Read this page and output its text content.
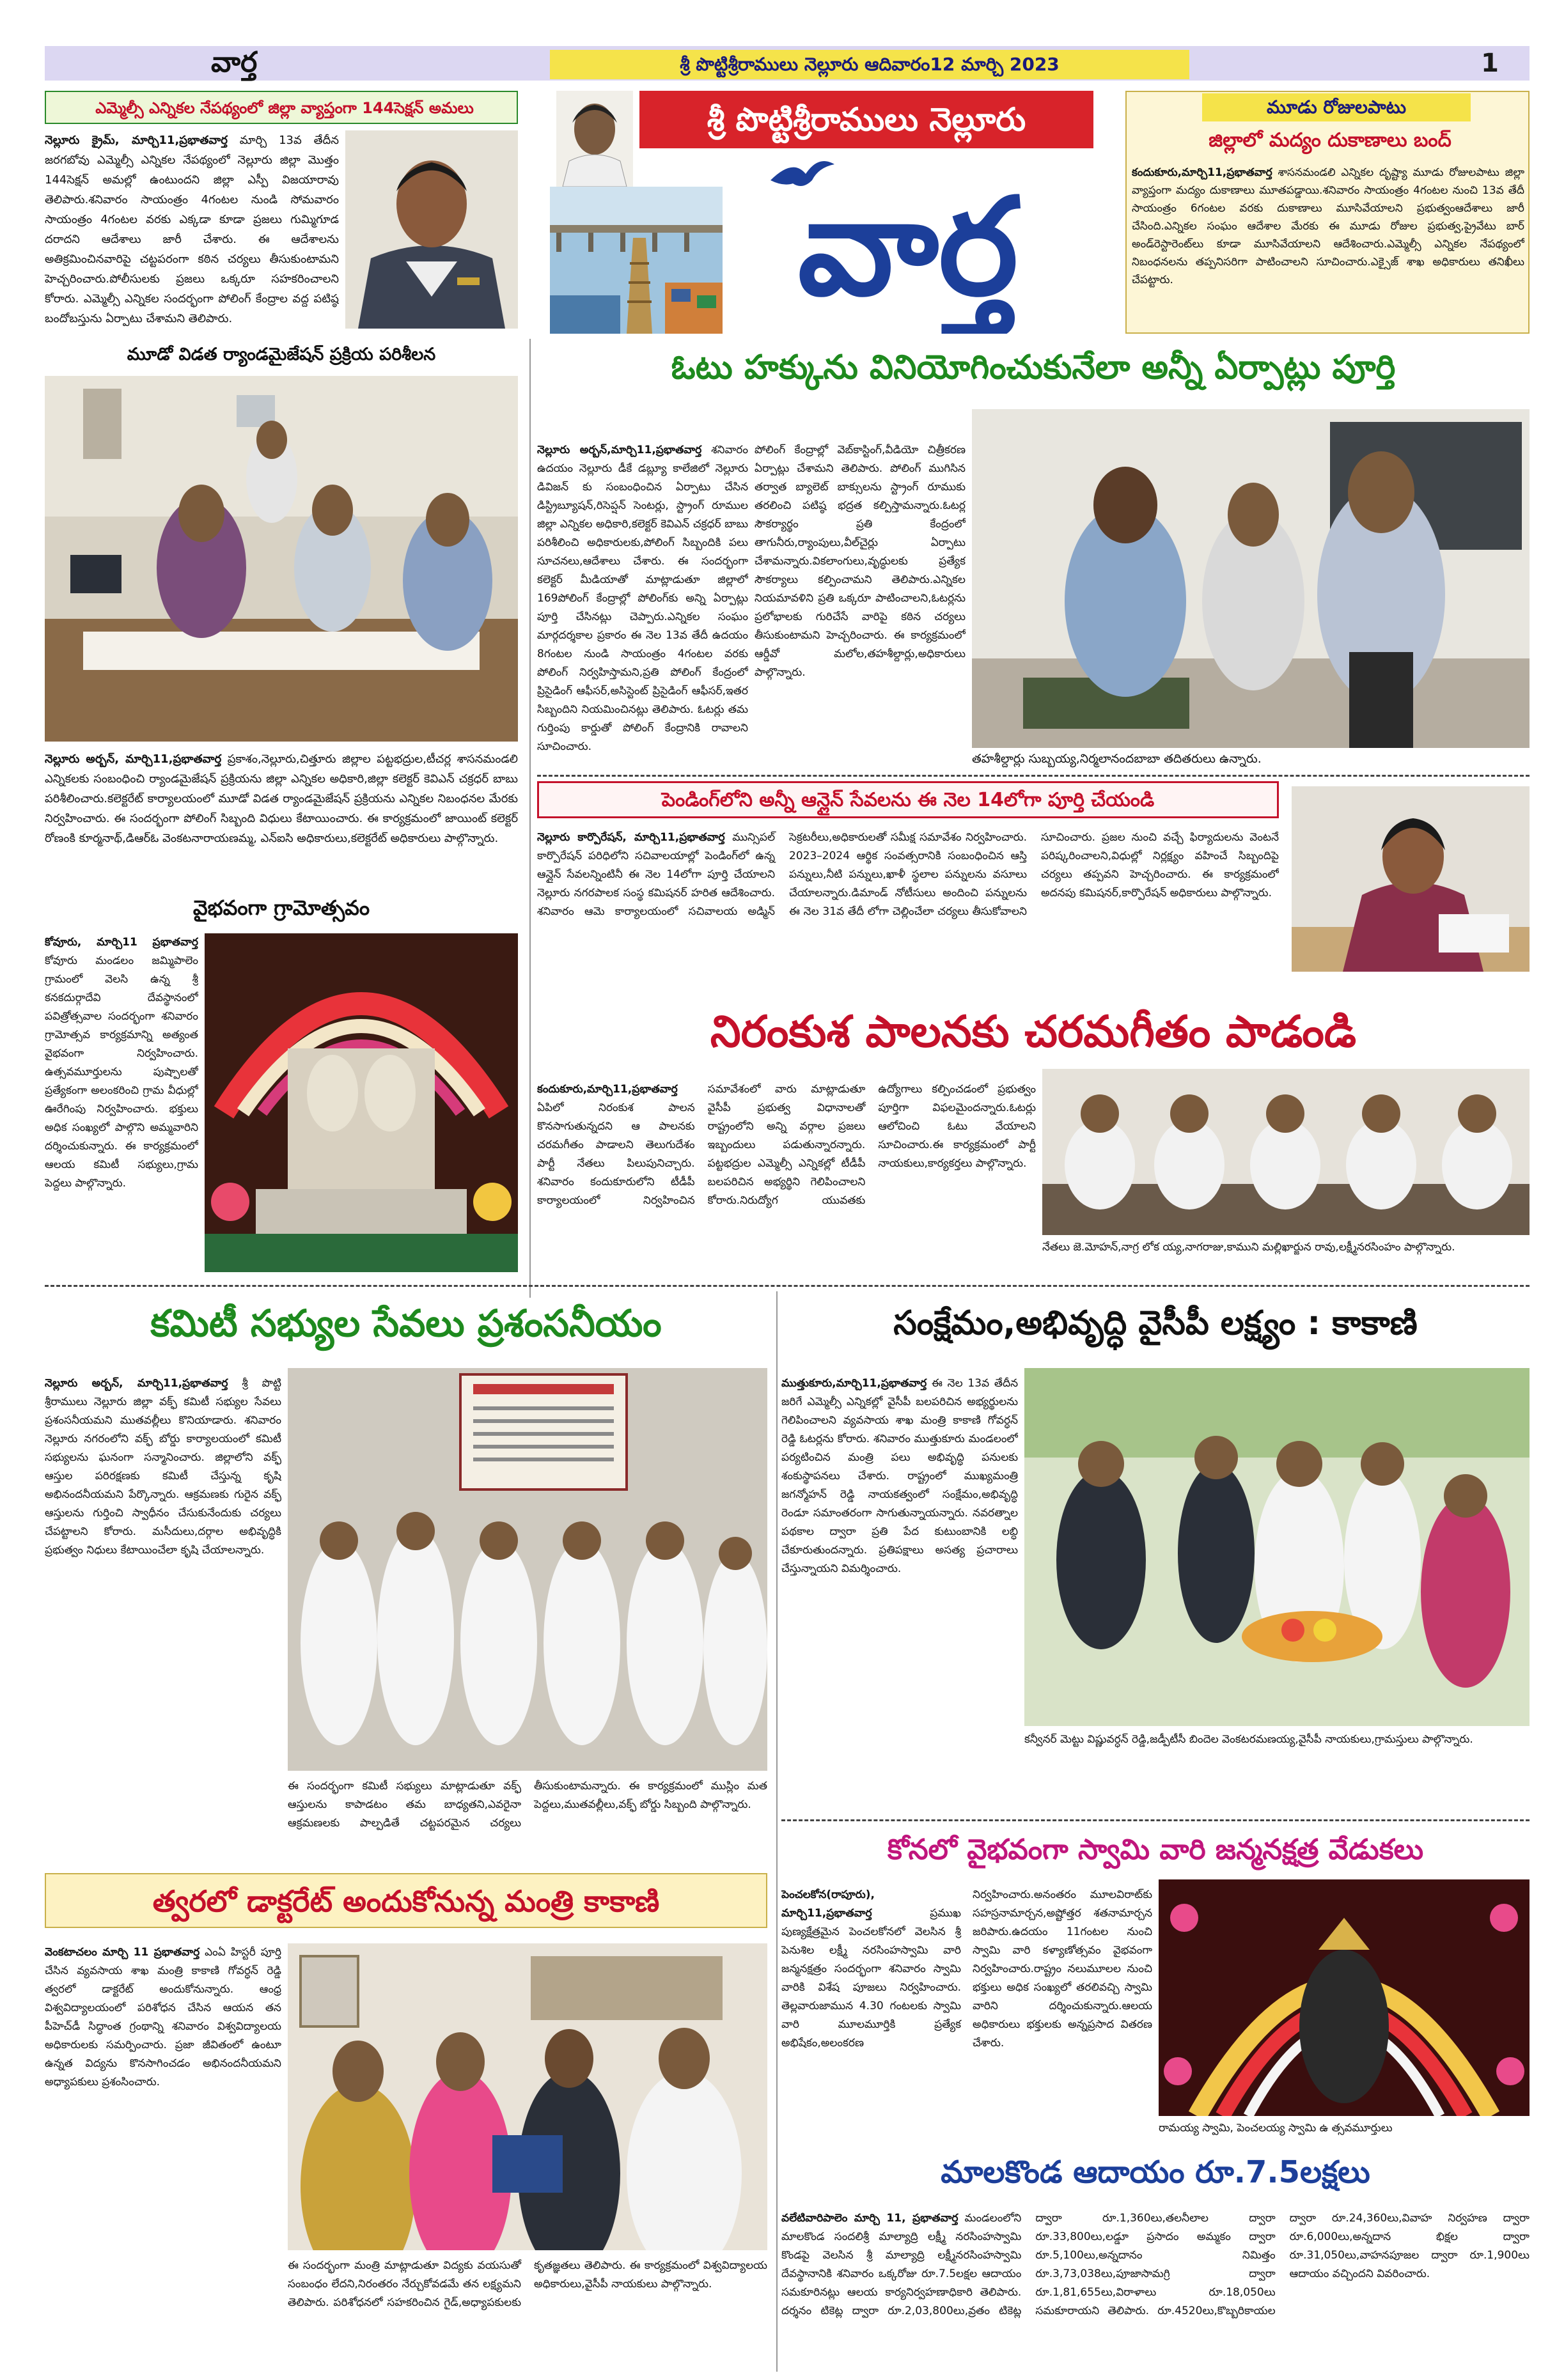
వార్త	శ్రీ పొట్టిశ్రీరాములు నెల్లూరు ఆదివారం12 మార్చి 2023	1
ఎమ్మెల్సీ ఎన్నికల నేపథ్యంలో జిల్లా వ్యాప్తంగా 144సెక్షన్ అమలు
నెల్లూరు క్రైమ్, మార్చి11,ప్రభాతవార్త మార్చి 13వ తేదీన జరగబోవు ఎమ్మెల్సీ ఎన్నికల నేపథ్యంలో నెల్లూరు జిల్లా మొత్తం 144సెక్షన్ అమల్లో ఉంటుందని జిల్లా ఎస్పీ విజయారావు తెలిపారు.శనివారం సాయంత్రం 4గంటల నుండి సోమవారం సాయంత్రం 4గంటల వరకు ఎక్కడా కూడా ప్రజలు గుమ్మిగూడ దరాదని ఆదేశాలు జారీ చేశారు. ఈ ఆదేశాలను అతిక్రమించినవారిపై చట్టపరంగా కఠిన చర్యలు తీసుకుంటామని హెచ్చరించారు.పోలీసులకు ప్రజలు ఒక్కరూ సహకరించాలని కోరారు. ఎమ్మెల్సీ ఎన్నికల సందర్భంగా పోలింగ్ కేంద్రాల వద్ద పటిష్ఠ బందోబస్తును ఏర్పాటు చేశామని తెలిపారు.
శ్రీ పొట్టిశ్రీరాములు నెల్లూరు
వార్త
మూడు రోజులపాటు
జిల్లాలో మద్యం దుకాణాలు బంద్
కందుకూరు,మార్చి11,ప్రభాతవార్త శాసనమండలి ఎన్నికల దృష్ట్యా మూడు రోజులపాటు జిల్లా వ్యాప్తంగా మద్యం దుకాణాలు మూతపడ్డాయి.శనివారం సాయంత్రం 4గంటల నుంచి 13వ తేదీ సాయంత్రం 6గంటల వరకు దుకాణాలు మూసివేయాలని ప్రభుత్వంఆదేశాలు జారీ చేసింది.ఎన్నికల సంఘం ఆదేశాల మేరకు ఈ మూడు రోజుల ప్రభుత్వ,ప్రైవేటు బార్ అండ్‌రెస్టారెంట్‌లు కూడా మూసివేయాలని ఆదేశించారు.ఎమ్మెల్సీ ఎన్నికల నేపథ్యంలో నిబంధనలను తప్పనిసరిగా పాటించాలని సూచించారు.ఎక్సైజ్ శాఖ అధికారులు తనిఖీలు చేపట్టారు.
మూడో విడత ర్యాండమైజేషన్ ప్రక్రియ పరిశీలన
నెల్లూరు అర్బన్, మార్చి11,ప్రభాతవార్త ప్రకాశం,నెల్లూరు,చిత్తూరు జిల్లాల పట్టభద్రుల,టీచర్ల శాసనమండలి ఎన్నికలకు సంబంధించి ర్యాండమైజేషన్ ప్రక్రియను జిల్లా ఎన్నికల అధికారి,జిల్లా కలెక్టర్ కెవిఎన్ చక్రధర్ బాబు పరిశీలించారు.కలెక్టరేట్ కార్యాలయంలో మూడో విడత ర్యాండమైజేషన్ ప్రక్రియను ఎన్నికల నిబంధనల మేరకు నిర్వహించారు. ఈ సందర్భంగా పోలింగ్ సిబ్బంది విధులు కేటాయించారు. ఈ కార్యక్రమంలో జాయింట్ కలెక్టర్ రోణంకి కూర్మనాథ్,డిఆర్ఓ వెంకటనారాయణమ్మ, ఎన్ఐసి అధికారులు,కలెక్టరేట్ అధికారులు పాల్గొన్నారు.
ఓటు హక్కును వినియోగించుకునేలా అన్నీ ఏర్పాట్లు పూర్తి
నెల్లూరు అర్బన్,మార్చి11,ప్రభాతవార్త శనివారం ఉదయం నెల్లూరు డీకే డబ్ల్యూ కాలేజిలో నెల్లూరు డివిజన్ కు సంబంధించిన ఏర్పాటు చేసిన డిస్ట్రిబ్యూషన్,రిసెప్షన్ సెంటర్లు, స్ట్రాంగ్ రూముల జిల్లా ఎన్నికల అధికారి,కలెక్టర్ కెవిఎన్ చక్రధర్ బాబు పరిశీలించి అధికారులకు,పోలింగ్ సిబ్బందికి పలు సూచనలు,ఆదేశాలు చేశారు. ఈ సందర్భంగా కలెక్టర్ మీడియాతో మాట్లాడుతూ జిల్లాలో 169పోలింగ్ కేంద్రాల్లో పోలింగ్‌కు అన్ని ఏర్పాట్లు పూర్తి చేసినట్లు చెప్పారు.ఎన్నికల సంఘం మార్గదర్శకాల ప్రకారం ఈ నెల 13వ తేదీ ఉదయం 8గంటల నుండి సాయంత్రం 4గంటల వరకు పోలింగ్ నిర్వహిస్తామని,ప్రతి పోలింగ్ కేంద్రంలో ప్రిసైడింగ్ ఆఫీసర్,అసిస్టెంట్ ప్రిసైడింగ్ ఆఫీసర్,ఇతర సిబ్బందిని నియమించినట్లు తెలిపారు. ఓటర్లు తమ గుర్తింపు కార్డుతో పోలింగ్ కేంద్రానికి రావాలని సూచించారు.
పోలింగ్ కేంద్రాల్లో వెబ్‌కాస్టింగ్,వీడియో చిత్రీకరణ ఏర్పాట్లు చేశామని తెలిపారు. పోలింగ్ ముగిసిన తర్వాత బ్యాలెట్ బాక్సులను స్ట్రాంగ్ రూముకు తరలించి పటిష్ఠ భద్రత కల్పిస్తామన్నారు.ఓటర్ల సౌకర్యార్థం ప్రతి కేంద్రంలో తాగునీరు,ర్యాంపులు,వీల్‌చైర్లు ఏర్పాటు చేశామన్నారు.వికలాంగులు,వృద్ధులకు ప్రత్యేక సౌకర్యాలు కల్పించామని తెలిపారు.ఎన్నికల నియమావళిని ప్రతి ఒక్కరూ పాటించాలని,ఓటర్లను ప్రలోభాలకు గురిచేసే వారిపై కఠిన చర్యలు తీసుకుంటామని హెచ్చరించారు. ఈ కార్యక్రమంలో ఆర్డీవో మలోల,తహశీల్దార్లు,అధికారులు పాల్గొన్నారు.
తహశీల్దార్లు సుబ్బయ్య,నిర్మలానందబాబా తదితరులు ఉన్నారు.
పెండింగ్‌లోని అన్నీ ఆన్లైన్ సేవలను ఈ నెల 14లోగా పూర్తి చేయండి
నెల్లూరు కార్పొరేషన్, మార్చి11,ప్రభాతవార్త మున్సిపల్ కార్పొరేషన్ పరిధిలోని సచివాలయాల్లో పెండింగ్‌లో ఉన్న ఆన్లైన్ సేవలన్నింటినీ ఈ నెల 14లోగా పూర్తి చేయాలని నెల్లూరు నగరపాలక సంస్థ కమిషనర్ హరిత ఆదేశించారు. శనివారం ఆమె కార్యాలయంలో సచివాలయ అడ్మిన్ సెక్రటరీలు,అధికారులతో సమీక్ష సమావేశం నిర్వహించారు. 2023–2024 ఆర్థిక సంవత్సరానికి సంబంధించిన ఆస్తి పన్నులు,నీటి పన్నులు,ఖాళీ స్థలాల పన్నులను వసూలు చేయాలన్నారు.డిమాండ్ నోటీసులు అందించి పన్నులను ఈ నెల 31వ తేదీ లోగా చెల్లించేలా చర్యలు తీసుకోవాలని సూచించారు. ప్రజల నుంచి వచ్చే ఫిర్యాదులను వెంటనే పరిష్కరించాలని,విధుల్లో నిర్లక్ష్యం వహించే సిబ్బందిపై చర్యలు తప్పవని హెచ్చరించారు. ఈ కార్యక్రమంలో అదనపు కమిషనర్,కార్పొరేషన్ అధికారులు పాల్గొన్నారు.
వైభవంగా గ్రామోత్సవం
కోవూరు, మార్చి11 ప్రభాతవార్త కోవూరు మండలం జమ్మిపాలెం గ్రామంలో వెలసి ఉన్న శ్రీ కనకదుర్గాదేవి దేవస్థానంలో పవిత్రోత్సవాల సందర్భంగా శనివారం గ్రామోత్సవ కార్యక్రమాన్ని అత్యంత వైభవంగా నిర్వహించారు. ఉత్సవమూర్తులను పుష్పాలతో ప్రత్యేకంగా అలంకరించి గ్రామ వీధుల్లో ఊరేగింపు నిర్వహించారు. భక్తులు అధిక సంఖ్యలో పాల్గొని అమ్మవారిని దర్శించుకున్నారు. ఈ కార్యక్రమంలో ఆలయ కమిటీ సభ్యులు,గ్రామ పెద్దలు పాల్గొన్నారు.
నిరంకుశ పాలనకు చరమగీతం పాడండి
కందుకూరు,మార్చి11,ప్రభాతవార్త ఏపిలో నిరంకుశ పాలన కొనసాగుతున్నదని ఆ పాలనకు చరమగీతం పాడాలని తెలుగుదేశం పార్టీ నేతలు పిలుపునిచ్చారు. శనివారం కందుకూరులోని టీడీపీ కార్యాలయంలో నిర్వహించిన సమావేశంలో వారు మాట్లాడుతూ వైసీపీ ప్రభుత్వ విధానాలతో రాష్ట్రంలోని అన్ని వర్గాల ప్రజలు ఇబ్బందులు పడుతున్నారన్నారు. పట్టభద్రుల ఎమ్మెల్సీ ఎన్నికల్లో టీడీపీ బలపరిచిన అభ్యర్థిని గెలిపించాలని కోరారు.నిరుద్యోగ యువతకు ఉద్యోగాలు కల్పించడంలో ప్రభుత్వం పూర్తిగా విఫలమైందన్నారు.ఓటర్లు ఆలోచించి ఓటు వేయాలని సూచించారు.ఈ కార్యక్రమంలో పార్టీ నాయకులు,కార్యకర్తలు పాల్గొన్నారు.
నేతలు జె.మోహన్,నాగ్ర లోక య్య,నాగరాజు,కాముని మల్లిఖార్జున రావు,లక్ష్మీనరసింహం పాల్గొన్నారు.
కమిటీ సభ్యుల సేవలు ప్రశంసనీయం
నెల్లూరు అర్బన్, మార్చి11,ప్రభాతవార్త శ్రీ పొట్టి శ్రీరాములు నెల్లూరు జిల్లా వక్ఫ్ కమిటీ సభ్యుల సేవలు ప్రశంసనీయమని ముతవల్లీలు కొనియాడారు. శనివారం నెల్లూరు నగరంలోని వక్ఫ్ బోర్డు కార్యాలయంలో కమిటీ సభ్యులను ఘనంగా సన్మానించారు. జిల్లాలోని వక్ఫ్ ఆస్తుల పరిరక్షణకు కమిటీ చేస్తున్న కృషి అభినందనీయమని పేర్కొన్నారు. ఆక్రమణకు గురైన వక్ఫ్ ఆస్తులను గుర్తించి స్వాధీనం చేసుకునేందుకు చర్యలు చేపట్టాలని కోరారు. మసీదులు,దర్గాల అభివృద్ధికి ప్రభుత్వం నిధులు కేటాయించేలా కృషి చేయాలన్నారు.
ఈ సందర్భంగా కమిటీ సభ్యులు మాట్లాడుతూ వక్ఫ్ ఆస్తులను కాపాడటం తమ బాధ్యతని,ఎవరైనా ఆక్రమణలకు పాల్పడితే చట్టపరమైన చర్యలు తీసుకుంటామన్నారు. ఈ కార్యక్రమంలో ముస్లిం మత పెద్దలు,ముతవల్లీలు,వక్ఫ్ బోర్డు సిబ్బంది పాల్గొన్నారు.
సంక్షేమం,అభివృద్ధి వైసీపీ లక్ష్యం : కాకాణి
ముత్తుకూరు,మార్చి11,ప్రభాతవార్త ఈ నెల 13వ తేదీన జరిగే ఎమ్మెల్సీ ఎన్నికల్లో వైసీపీ బలపరిచిన అభ్యర్థులను గెలిపించాలని వ్యవసాయ శాఖ మంత్రి కాకాణి గోవర్ధన్ రెడ్డి ఓటర్లను కోరారు. శనివారం ముత్తుకూరు మండలంలో పర్యటించిన మంత్రి పలు అభివృద్ధి పనులకు శంకుస్థాపనలు చేశారు. రాష్ట్రంలో ముఖ్యమంత్రి జగన్మోహన్ రెడ్డి నాయకత్వంలో సంక్షేమం,అభివృద్ధి రెండూ సమాంతరంగా సాగుతున్నాయన్నారు. నవరత్నాల పథకాల ద్వారా ప్రతి పేద కుటుంబానికి లబ్ధి చేకూరుతుందన్నారు. ప్రతిపక్షాలు అసత్య ప్రచారాలు చేస్తున్నాయని విమర్శించారు.
కన్వీనర్ మెట్టు విష్ణువర్ధన్ రెడ్డి,జడ్పీటీసీ బిందెల వెంకటరమణయ్య,వైసీపీ నాయకులు,గ్రామస్తులు పాల్గొన్నారు.
కోనలో వైభవంగా స్వామి వారి జన్మనక్షత్ర వేడుకలు
పెంచలకోన(రాపూరు), మార్చి11,ప్రభాతవార్త	ప్రముఖ పుణ్యక్షేత్రమైన పెంచలకోనలో వెలసిన శ్రీ పెనుశిల లక్ష్మీ నరసింహస్వామి వారి జన్మనక్షత్రం సందర్భంగా శనివారం స్వామి వారికి విశేష పూజలు నిర్వహించారు. తెల్లవారుజామున 4.30 గంటలకు స్వామి వారి మూలమూర్తికి ప్రత్యేక అభిషేకం,అలంకరణ నిర్వహించారు.అనంతరం మూలవిరాట్‌కు సహస్రనామార్చన,అష్టోత్తర శతనామార్చన జరిపారు.ఉదయం 11గంటల నుంచి స్వామి వారి కళ్యాణోత్సవం వైభవంగా నిర్వహించారు.రాష్ట్రం నలుమూలల నుంచి భక్తులు అధిక సంఖ్యలో తరలివచ్చి స్వామి వారిని దర్శించుకున్నారు.ఆలయ అధికారులు భక్తులకు అన్నప్రసాద వితరణ చేశారు.
రామయ్య స్వామి, పెంచలయ్య స్వామి ఉ త్సవమూర్తులు
త్వరలో డాక్టరేట్ అందుకోనున్న మంత్రి కాకాణి
వెంకటాచలం మార్చి 11 ప్రభాతవార్త ఎంఏ హిస్టరీ పూర్తి చేసిన వ్యవసాయ శాఖ మంత్రి కాకాణి గోవర్ధన్ రెడ్డి త్వరలో డాక్టరేట్ అందుకోనున్నారు. ఆంధ్ర విశ్వవిద్యాలయంలో పరిశోధన చేసిన ఆయన తన పీహెచ్‌డీ సిద్ధాంత గ్రంథాన్ని శనివారం విశ్వవిద్యాలయ అధికారులకు సమర్పించారు. ప్రజా జీవితంలో ఉంటూ ఉన్నత విద్యను కొనసాగించడం అభినందనీయమని అధ్యాపకులు ప్రశంసించారు.
ఈ సందర్భంగా మంత్రి మాట్లాడుతూ విద్యకు వయసుతో సంబంధం లేదని,నిరంతరం నేర్చుకోవడమే తన లక్ష్యమని తెలిపారు. పరిశోధనలో సహకరించిన గైడ్,అధ్యాపకులకు కృతజ్ఞతలు తెలిపారు. ఈ కార్యక్రమంలో విశ్వవిద్యాలయ అధికారులు,వైసీపీ నాయకులు పాల్గొన్నారు.
మాలకొండ ఆదాయం రూ.7.5లక్షలు
వలేటివారిపాలెం మార్చి 11, ప్రభాతవార్త మండలంలోని మాలకొండ సందలిశ్రీ మాల్యాద్రి లక్ష్మీ నరసింహస్వామి కొండపై వెలసిన శ్రీ మాల్యాద్రి లక్ష్మీనరసింహస్వామి దేవస్థానానికి శనివారం ఒక్కరోజు రూ.7.5లక్షల ఆదాయం సమకూరినట్లు ఆలయ కార్యనిర్వహణాధికారి తెలిపారు. దర్శనం టికెట్ల ద్వారా రూ.2,03,800లు,వ్రతం టికెట్ల ద్వారా రూ.1,360లు,తలనీలాల ద్వారా రూ.33,800లు,లడ్డూ ప్రసాదం అమ్మకం ద్వారా రూ.5,100లు,అన్నదానం నిమిత్తం రూ.3,73,038లు,పూజాసామగ్రి ద్వారా రూ.1,81,655లు,విరాళాలు రూ.18,050లు సమకూరాయని తెలిపారు. రూ.4520లు,కొబ్బరికాయల ద్వారా రూ.24,360లు,వివాహ నిర్వహణ ద్వారా రూ.6,000లు,అన్నదాన భిక్షల ద్వారా రూ.31,050లు,వాహనపూజల ద్వారా రూ.1,900లు ఆదాయం వచ్చిందని వివరించారు.
